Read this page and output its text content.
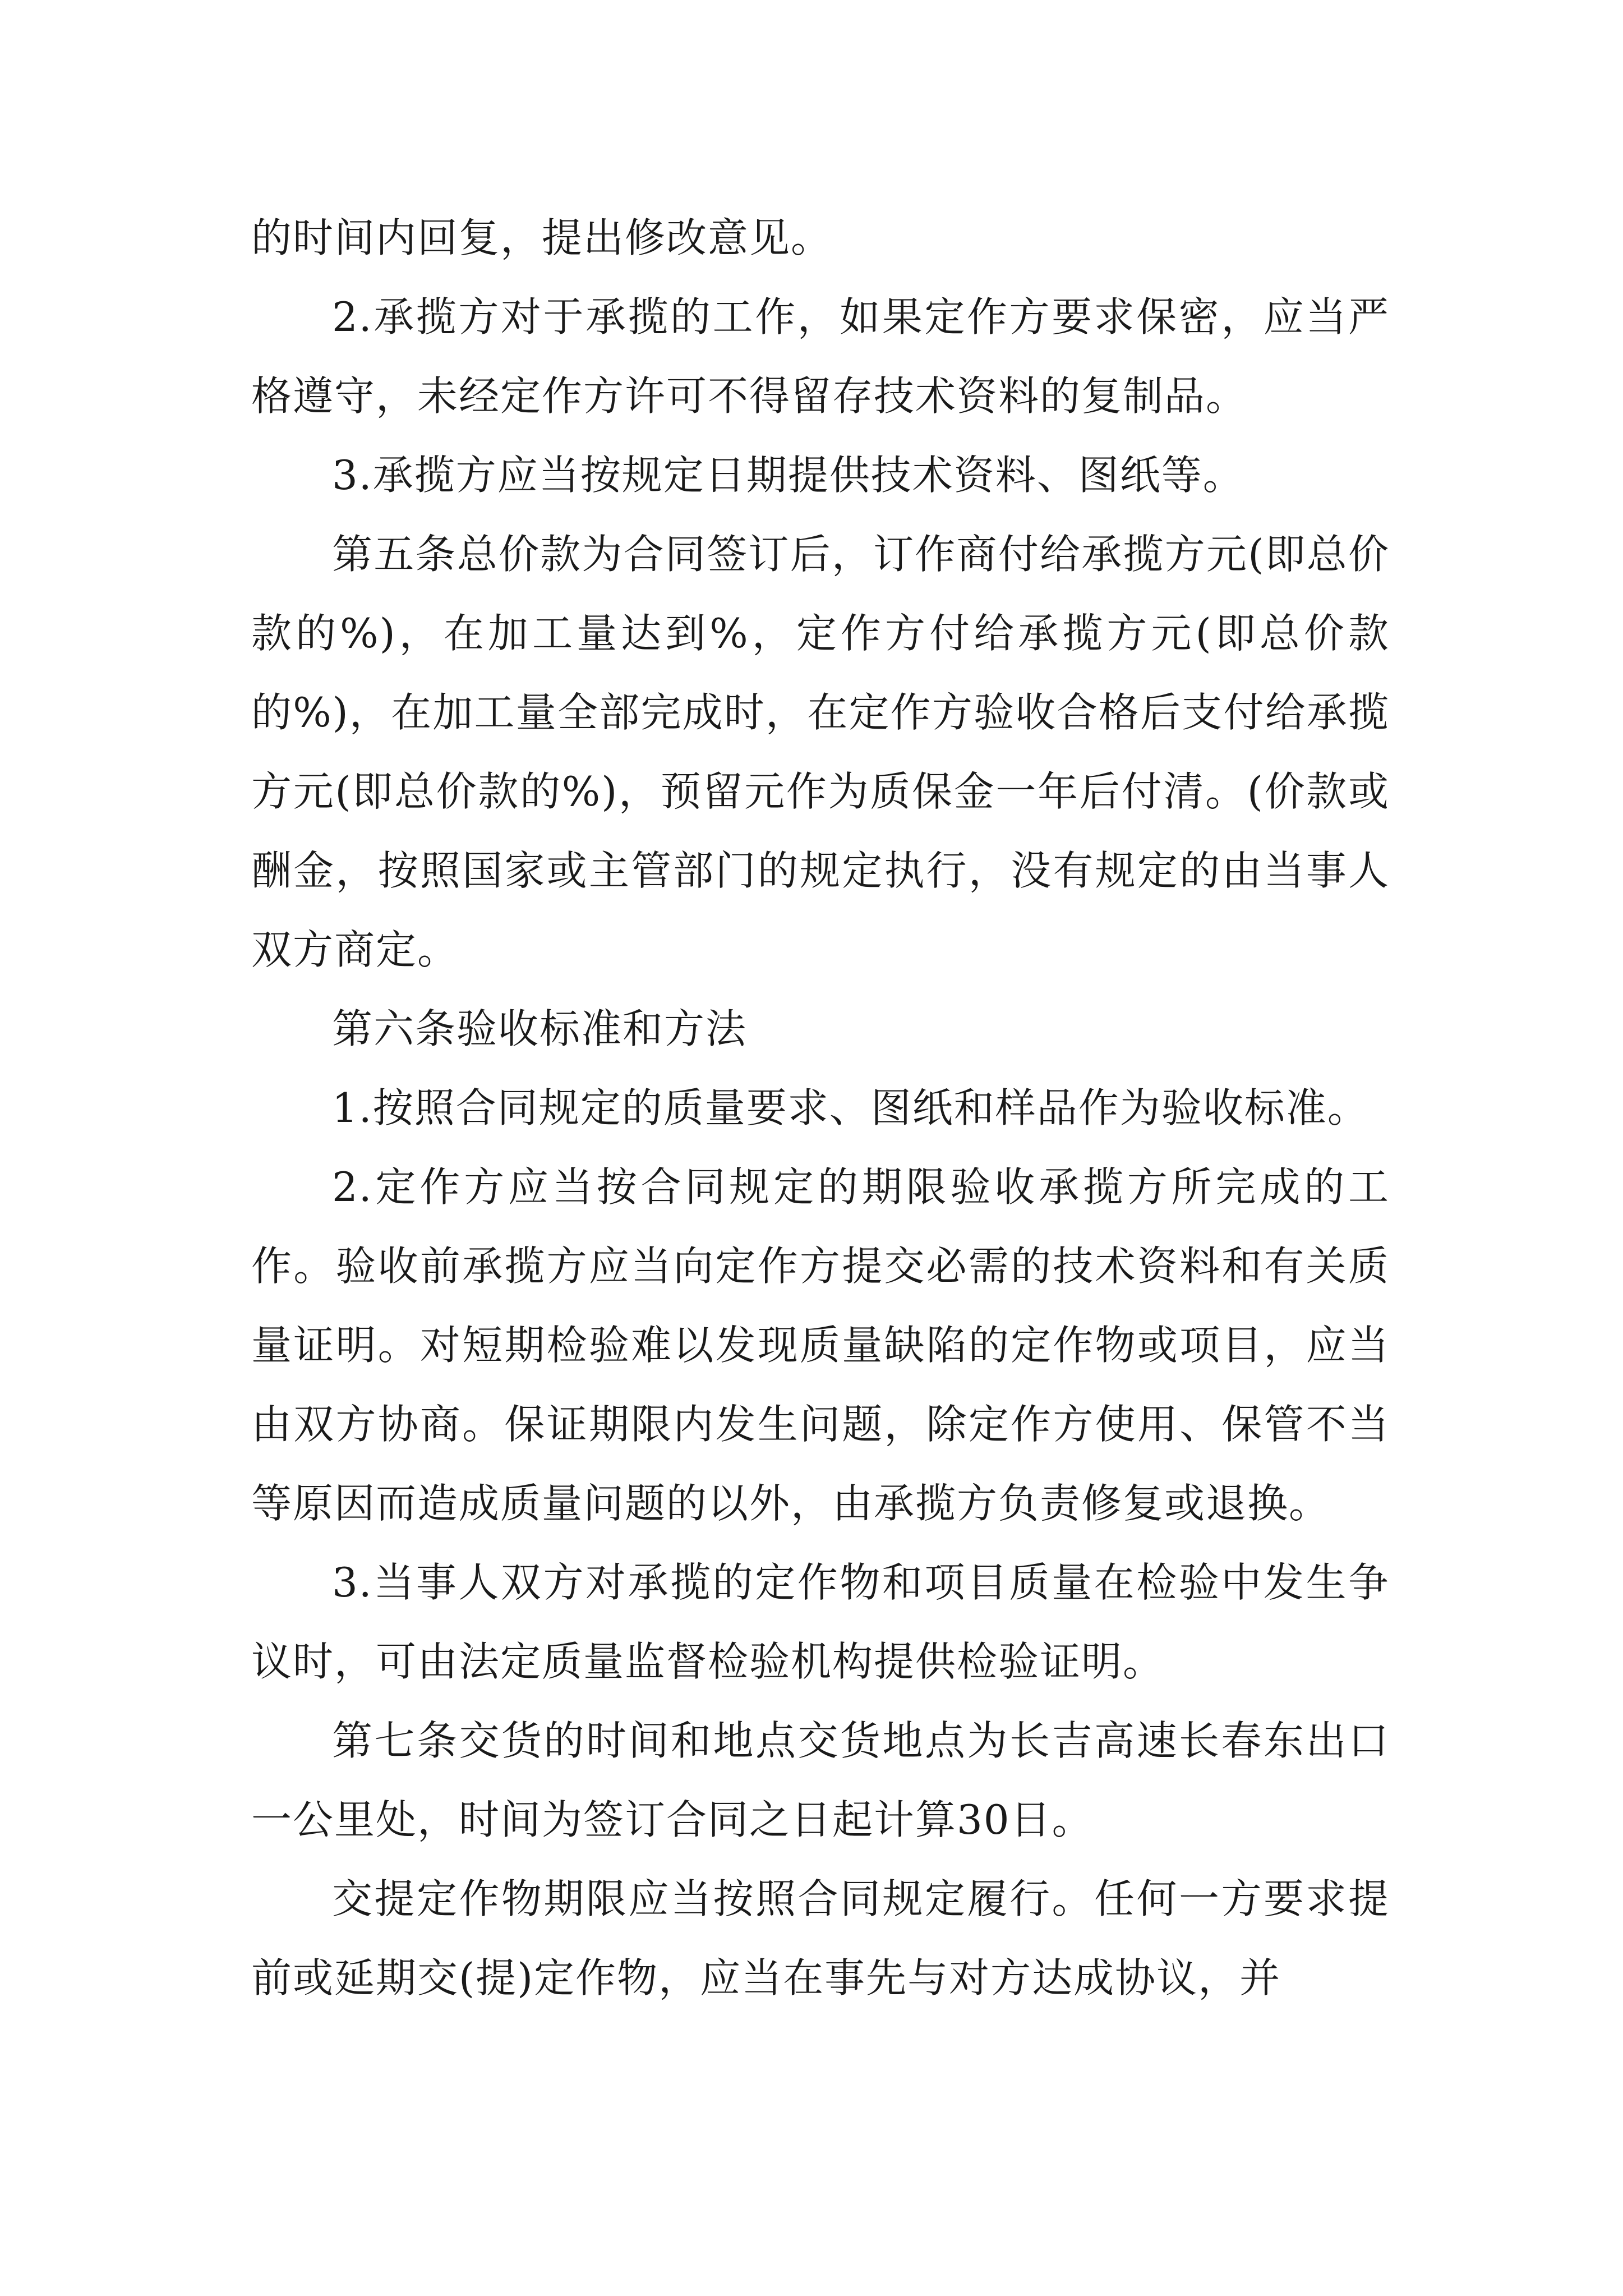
的时间内回复，提出修改意见。

2.承揽方对于承揽的工作，如果定作方要求保密，应当严格遵守，未经定作方许可不得留存技术资料的复制品。

3.承揽方应当按规定日期提供技术资料、图纸等。

第五条总价款为合同签订后，订作商付给承揽方元(即总价款的%)，在加工量达到%，定作方付给承揽方元(即总价款的%)，在加工量全部完成时，在定作方验收合格后支付给承揽方元(即总价款的%)，预留元作为质保金一年后付清。(价款或酬金，按照国家或主管部门的规定执行，没有规定的由当事人双方商定。

第六条验收标准和方法

1.按照合同规定的质量要求、图纸和样品作为验收标准。

2.定作方应当按合同规定的期限验收承揽方所完成的工作。验收前承揽方应当向定作方提交必需的技术资料和有关质量证明。对短期检验难以发现质量缺陷的定作物或项目，应当由双方协商。保证期限内发生问题，除定作方使用、保管不当等原因而造成质量问题的以外，由承揽方负责修复或退换。

3.当事人双方对承揽的定作物和项目质量在检验中发生争议时，可由法定质量监督检验机构提供检验证明。

第七条交货的时间和地点交货地点为长吉高速长春东出口一公里处，时间为签订合同之日起计算30日。

交提定作物期限应当按照合同规定履行。任何一方要求提前或延期交(提)定作物，应当在事先与对方达成协议，并
